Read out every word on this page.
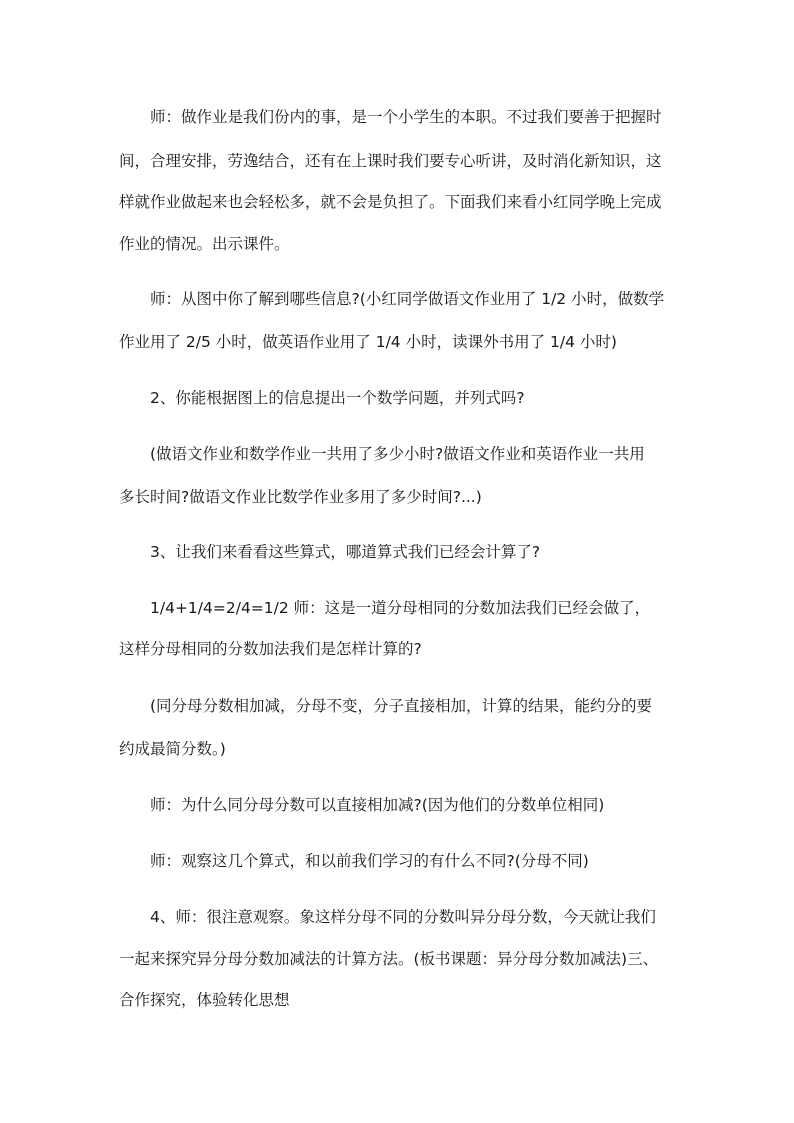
师：做作业是我们份内的事，是一个小学生的本职。不过我们要善于把握时
间，合理安排，劳逸结合，还有在上课时我们要专心听讲，及时消化新知识，这
样就作业做起来也会轻松多，就不会是负担了。下面我们来看小红同学晚上完成
作业的情况。出示课件。
师：从图中你了解到哪些信息?(小红同学做语文作业用了 1/2 小时，做数学
作业用了 2/5 小时，做英语作业用了 1/4 小时，读课外书用了 1/4 小时)
2、你能根据图上的信息提出一个数学问题，并列式吗?
(做语文作业和数学作业一共用了多少小时?做语文作业和英语作业一共用
多长时间?做语文作业比数学作业多用了多少时间?...)
3、让我们来看看这些算式，哪道算式我们已经会计算了?
1/4+1/4=2/4=1/2 师：这是一道分母相同的分数加法我们已经会做了，
这样分母相同的分数加法我们是怎样计算的?
(同分母分数相加减，分母不变，分子直接相加，计算的结果，能约分的要
约成最简分数。)
师：为什么同分母分数可以直接相加减?(因为他们的分数单位相同)
师：观察这几个算式，和以前我们学习的有什么不同?(分母不同)
4、师：很注意观察。象这样分母不同的分数叫异分母分数，今天就让我们
一起来探究异分母分数加减法的计算方法。(板书课题：异分母分数加减法)三、
合作探究，体验转化思想
